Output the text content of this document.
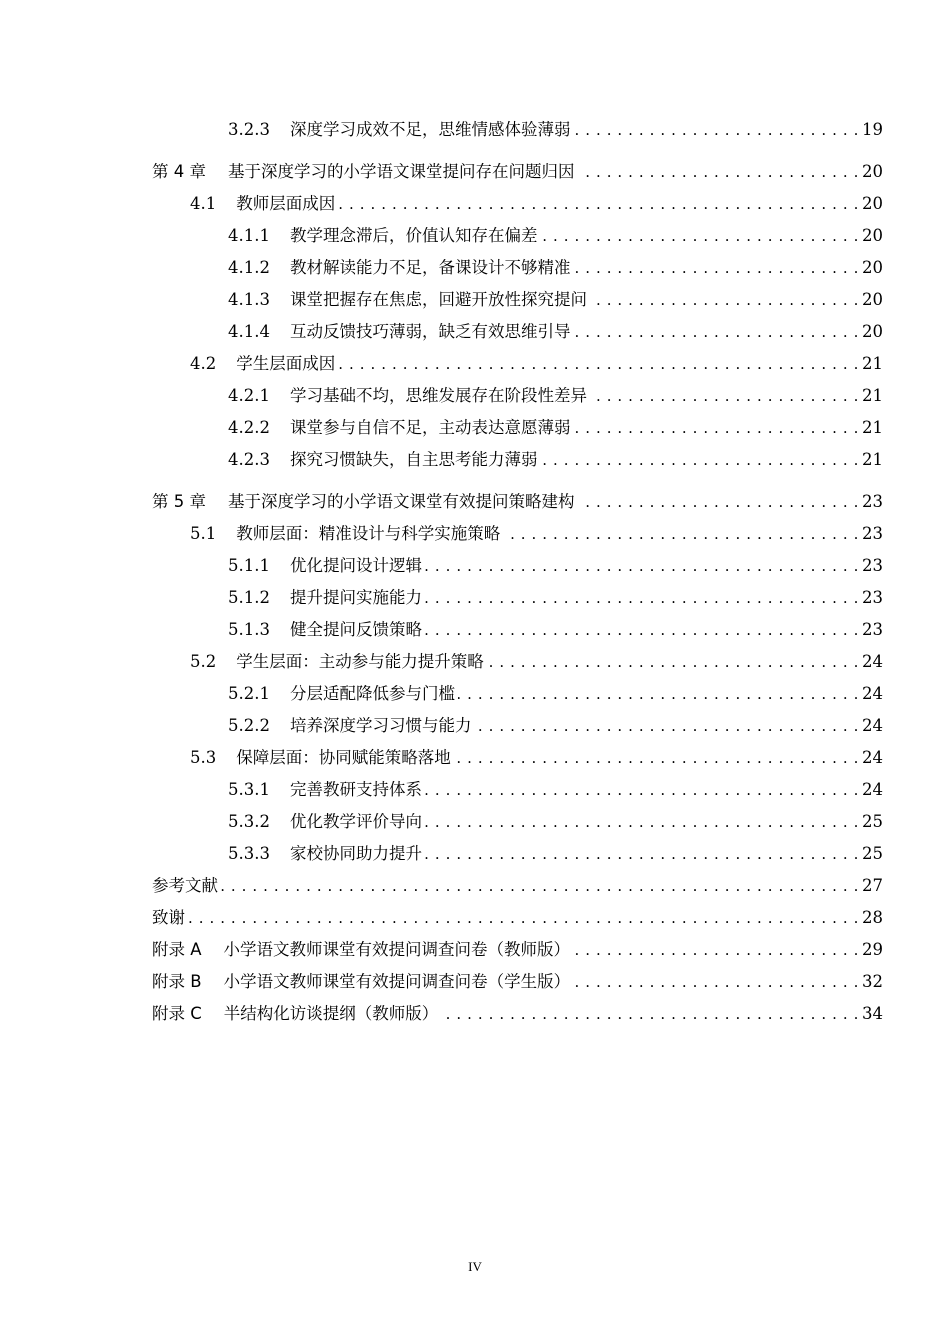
3.2.3	深度学习成效不足，思维情感体验薄弱 . . .	19
第 4 章	基于深度学习的小学语文课堂提问存在问题归因 . . .	20
4.1	教师层面成因 . . .	20
4.1.1	教学理念滞后，价值认知存在偏差 . . .	20
4.1.2	教材解读能力不足，备课设计不够精准 . . .	20
4.1.3	课堂把握存在焦虑，回避开放性探究提问 . . .	20
4.1.4	互动反馈技巧薄弱，缺乏有效思维引导 . . .	20
4.2	学生层面成因 . . .	21
4.2.1	学习基础不均，思维发展存在阶段性差异 . . .	21
4.2.2	课堂参与自信不足，主动表达意愿薄弱 . . .	21
4.2.3	探究习惯缺失，自主思考能力薄弱 . . .	21
第 5 章	基于深度学习的小学语文课堂有效提问策略建构 . . .	23
5.1	教师层面：精准设计与科学实施策略 . . .	23
5.1.1	优化提问设计逻辑 . . .	23
5.1.2	提升提问实施能力 . . .	23
5.1.3	健全提问反馈策略 . . .	23
5.2	学生层面：主动参与能力提升策略 . . .	24
5.2.1	分层适配降低参与门槛 . . .	24
5.2.2	培养深度学习习惯与能力 . . .	24
5.3	保障层面：协同赋能策略落地 . . .	24
5.3.1	完善教研支持体系 . . .	24
5.3.2	优化教学评价导向 . . .	25
5.3.3	家校协同助力提升 . . .	25
参考文献 . . .	27
致谢 . . .	28
附录 A	小学语文教师课堂有效提问调查问卷（教师版） . . .	29
附录 B	小学语文教师课堂有效提问调查问卷（学生版） . . .	32
附录 C	半结构化访谈提纲（教师版） . . .	34
IV
